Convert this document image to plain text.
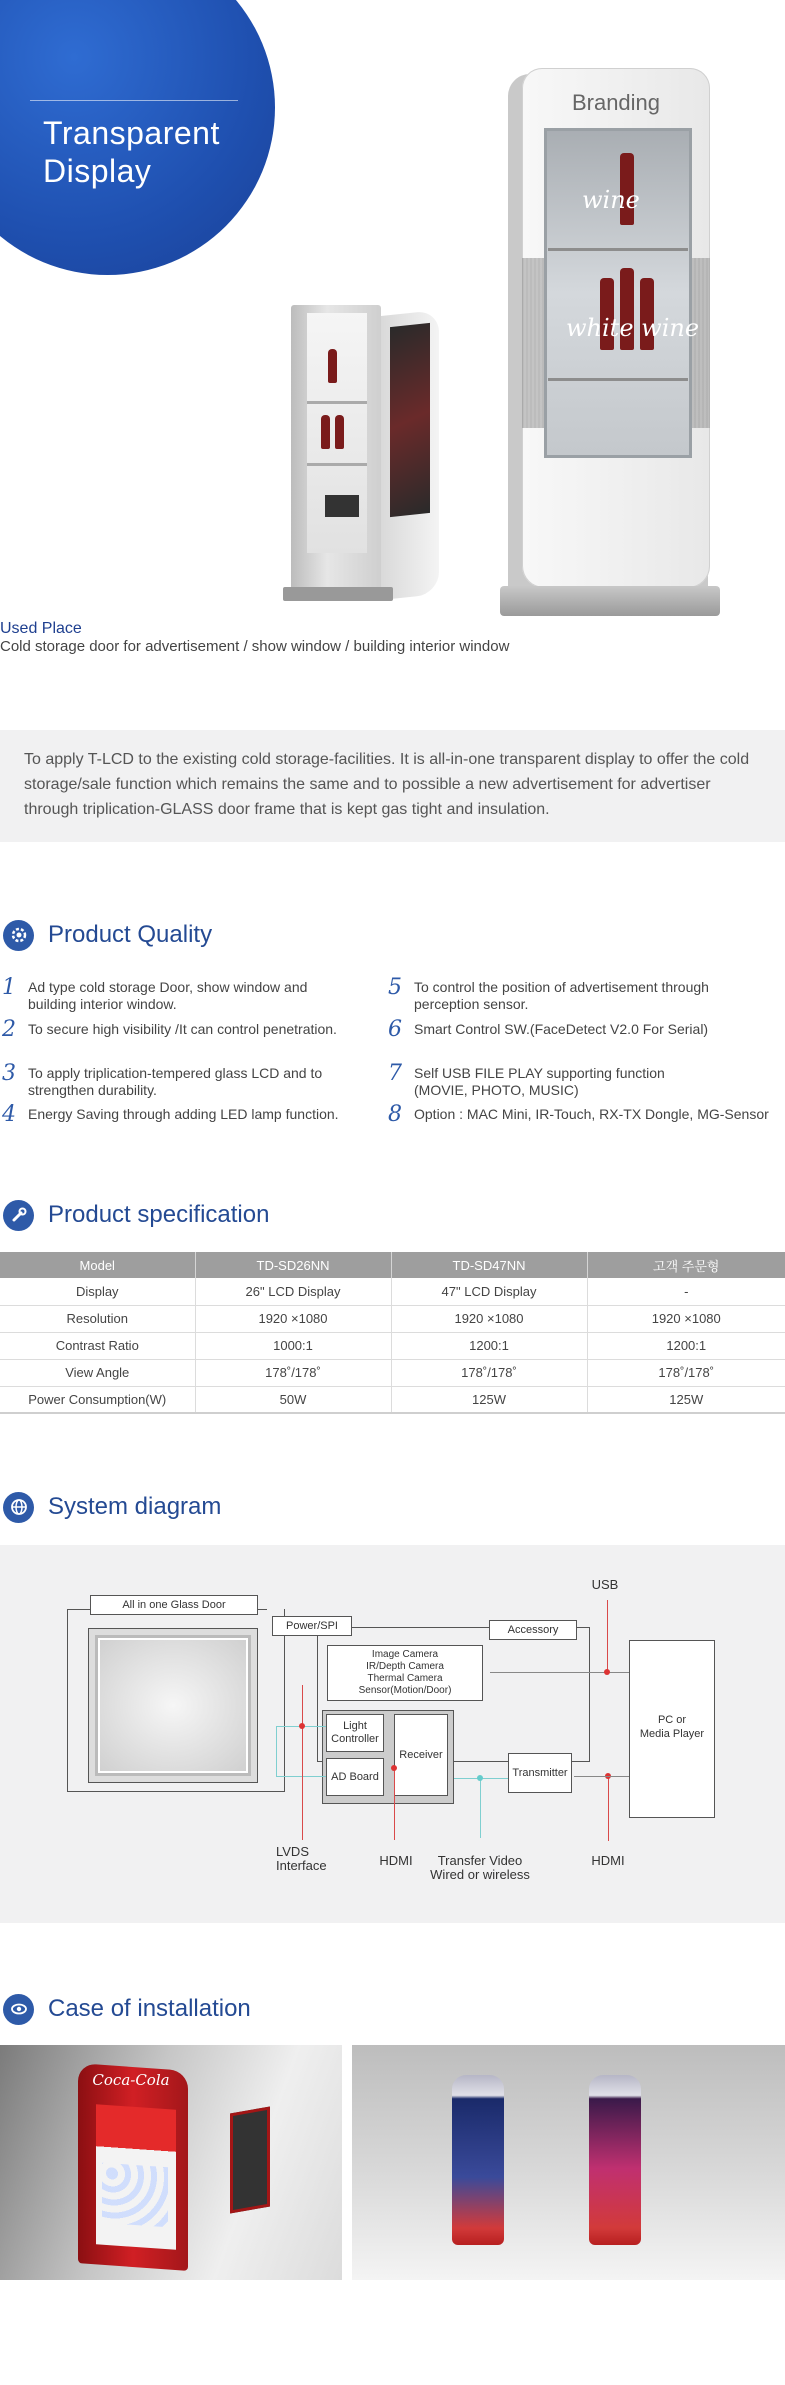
Transparent
Display
Branding
wine
white wine
Used Place
Cold storage door for advertisement / show window / building interior window
To apply T-LCD to the existing cold storage-facilities. It is all-in-one transparent display to offer the cold storage/sale function which remains the same and to possible a new advertisement for advertiser through triplication-GLASS door frame that is kept gas tight and insulation.
Product Quality
1 Ad type cold storage Door, show window and building interior window.
2 To secure high visibility /It can control penetration.
3 To apply triplication-tempered glass LCD and to strengthen durability.
4 Energy Saving through adding LED lamp function.
5 To control the position of advertisement through perception sensor.
6 Smart Control SW.(FaceDetect V2.0 For Serial)
7 Self USB FILE PLAY supporting function (MOVIE, PHOTO, MUSIC)
8 Option : MAC Mini, IR-Touch, RX-TX Dongle, MG-Sensor
Product specification
Model	TD-SD26NN	TD-SD47NN	고객 주문형
Display	26" LCD Display	47" LCD Display	-
Resolution	1920 ×1080	1920 ×1080	1920 ×1080
Contrast Ratio	1000:1	1200:1	1200:1
View Angle	178˚/178˚	178˚/178˚	178˚/178˚
Power Consumption(W)	50W	125W	125W
System diagram
All in one Glass Door
Power/SPI	Accessory
Image Camera
IR/Depth Camera
Thermal Camera
Sensor(Motion/Door)
Light
Controller
AD Board
Receiver
Transmitter
PC or
Media Player
USB
LVDS
Interface	HDMI	Transfer Video
Wired or wireless
HDMI
Case of installation
Coca-Cola
